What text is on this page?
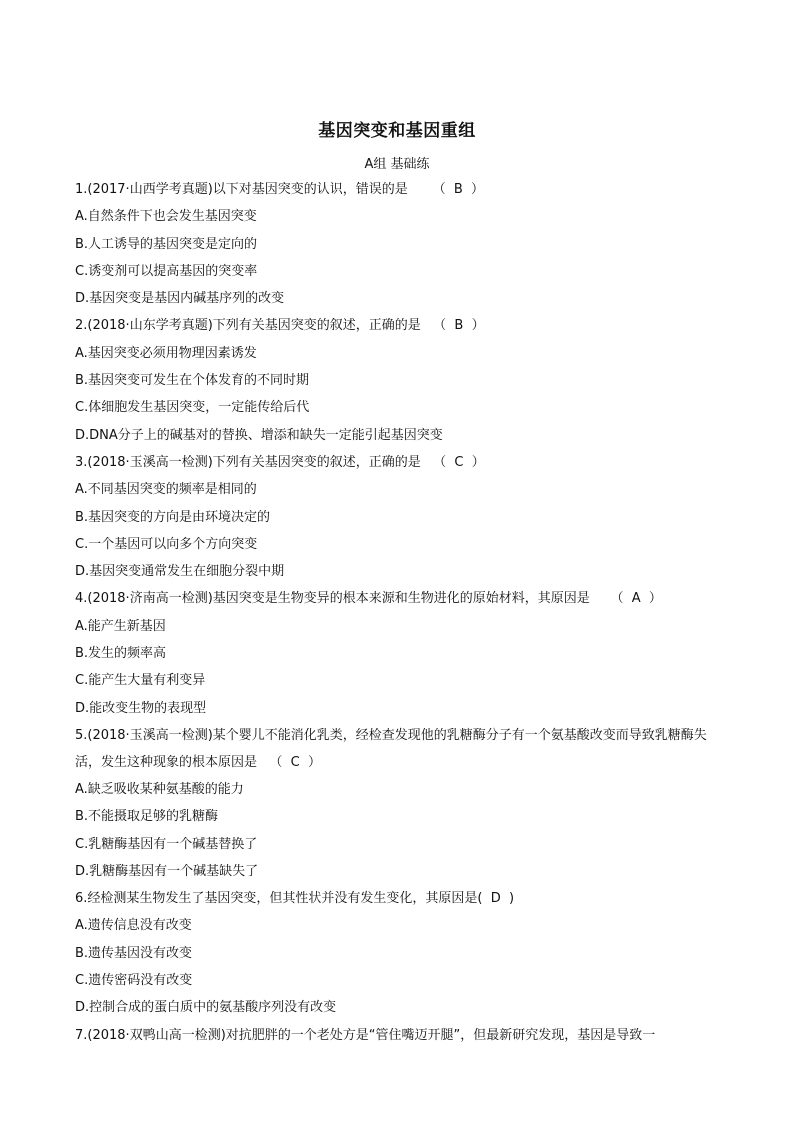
基因突变和基因重组
A组 基础练
1.(2017·山西学考真题)以下对基因突变的认识，错误的是 （  B  ）
A.自然条件下也会发生基因突变
B.人工诱导的基因突变是定向的
C.诱变剂可以提高基因的突变率
D.基因突变是基因内碱基序列的改变
2.(2018·山东学考真题)下列有关基因突变的叙述，正确的是 （  B  ）
A.基因突变必须用物理因素诱发
B.基因突变可发生在个体发育的不同时期
C.体细胞发生基因突变，一定能传给后代
D.DNA分子上的碱基对的替换、增添和缺失一定能引起基因突变
3.(2018·玉溪高一检测)下列有关基因突变的叙述，正确的是 （  C  ）
A.不同基因突变的频率是相同的
B.基因突变的方向是由环境决定的
C.一个基因可以向多个方向突变
D.基因突变通常发生在细胞分裂中期
4.(2018·济南高一检测)基因突变是生物变异的根本来源和生物进化的原始材料，其原因是 （  A  ）
A.能产生新基因
B.发生的频率高
C.能产生大量有利变异
D.能改变生物的表现型
5.(2018·玉溪高一检测)某个婴儿不能消化乳类，经检查发现他的乳糖酶分子有一个氨基酸改变而导致乳糖酶失活，发生这种现象的根本原因是 （  C  ）
A.缺乏吸收某种氨基酸的能力
B.不能摄取足够的乳糖酶
C.乳糖酶基因有一个碱基替换了
D.乳糖酶基因有一个碱基缺失了
6.经检测某生物发生了基因突变，但其性状并没有发生变化，其原因是(  D  )
A.遗传信息没有改变
B.遗传基因没有改变
C.遗传密码没有改变
D.控制合成的蛋白质中的氨基酸序列没有改变
7.(2018·双鸭山高一检测)对抗肥胖的一个老处方是“管住嘴迈开腿”，但最新研究发现，基因是导致一
